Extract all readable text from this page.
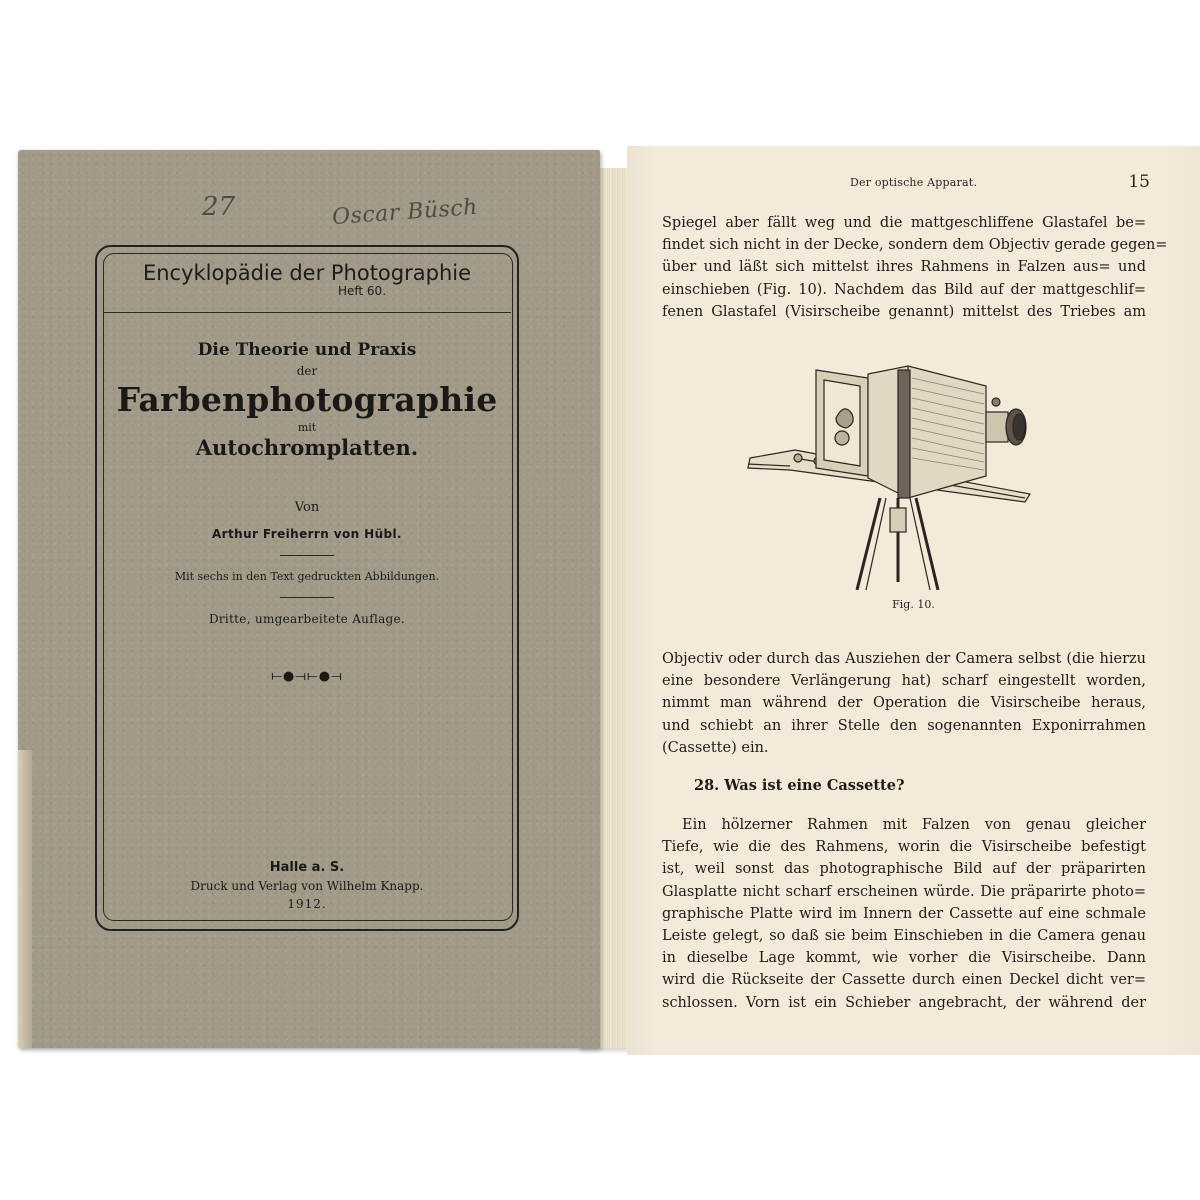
27	Oscar Büsch
Encyklopädie der Photographie
Heft 60.
Die Theorie und Praxis
der
Farbenphotographie
mit
Autochromplatten.
Von
Arthur Freiherrn von Hübl.
Mit sechs in den Text gedruckten Abbildungen.
Dritte, umgearbeitete Auflage.
⟝●⟞⟝●⟞
Halle a. S.
Druck und Verlag von Wilhelm Knapp.
1912.
Der optische Apparat.	15
Spiegel aber fällt weg und die mattgeschliffene Glastafel be=
findet sich nicht in der Decke, sondern dem Objectiv gerade gegen=
über und läßt sich mittelst ihres Rahmens in Falzen aus= und
einschieben (Fig. 10). Nachdem das Bild auf der mattgeschlif=
fenen Glastafel (Visirscheibe genannt) mittelst des Triebes am
Fig. 10.
Objectiv oder durch das Ausziehen der Camera selbst (die hierzu
eine besondere Verlängerung hat) scharf eingestellt worden,
nimmt man während der Operation die Visirscheibe heraus,
und schiebt an ihrer Stelle den sogenannten Exponirrahmen
(Cassette) ein.
28. Was ist eine Cassette?
Ein hölzerner Rahmen mit Falzen von genau gleicher
Tiefe, wie die des Rahmens, worin die Visirscheibe befestigt
ist, weil sonst das photographische Bild auf der präparirten
Glasplatte nicht scharf erscheinen würde. Die präparirte photo=
graphische Platte wird im Innern der Cassette auf eine schmale
Leiste gelegt, so daß sie beim Einschieben in die Camera genau
in dieselbe Lage kommt, wie vorher die Visirscheibe. Dann
wird die Rückseite der Cassette durch einen Deckel dicht ver=
schlossen. Vorn ist ein Schieber angebracht, der während der
